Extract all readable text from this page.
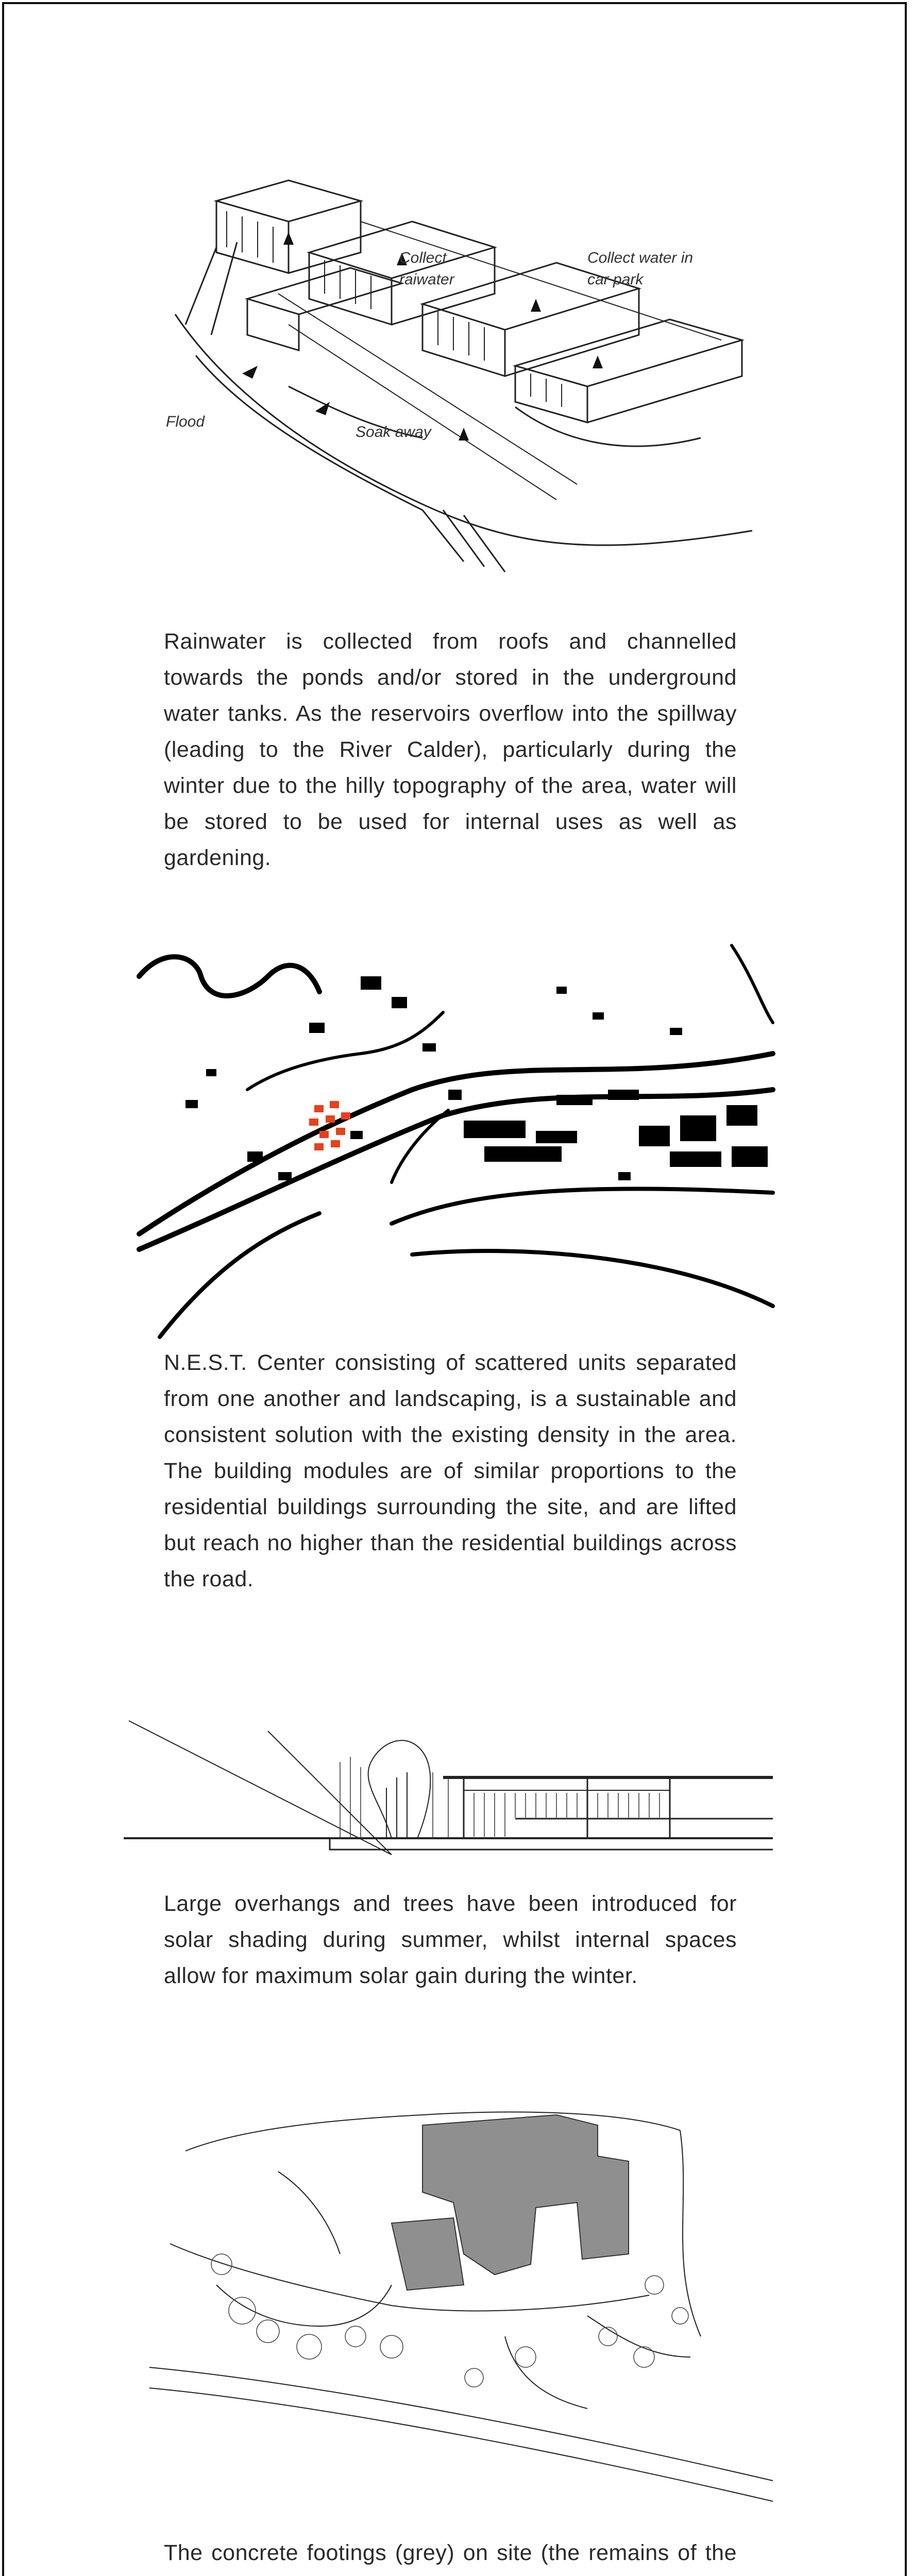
Collect
raiwater
Collect water in
car park
Flood
Soak away

Rainwater is collected from roofs and channelled towards the ponds and/or stored in the underground water tanks. As the reservoirs overflow into the spillway (leading to the River Calder), particularly during the winter due to the hilly topography of the area, water will be stored to be used for internal uses as well as gardening.

N.E.S.T. Center consisting of scattered units separated from one another and landscaping, is a sustainable and consistent solution with the existing density in the area. The building modules are of similar proportions to the residential buildings surrounding the site, and are lifted but reach no higher than the residential buildings across the road.

Large overhangs and trees have been introduced for solar shading during summer, whilst internal spaces allow for maximum solar gain during the winter.

The concrete footings (grey) on site (the remains of the
